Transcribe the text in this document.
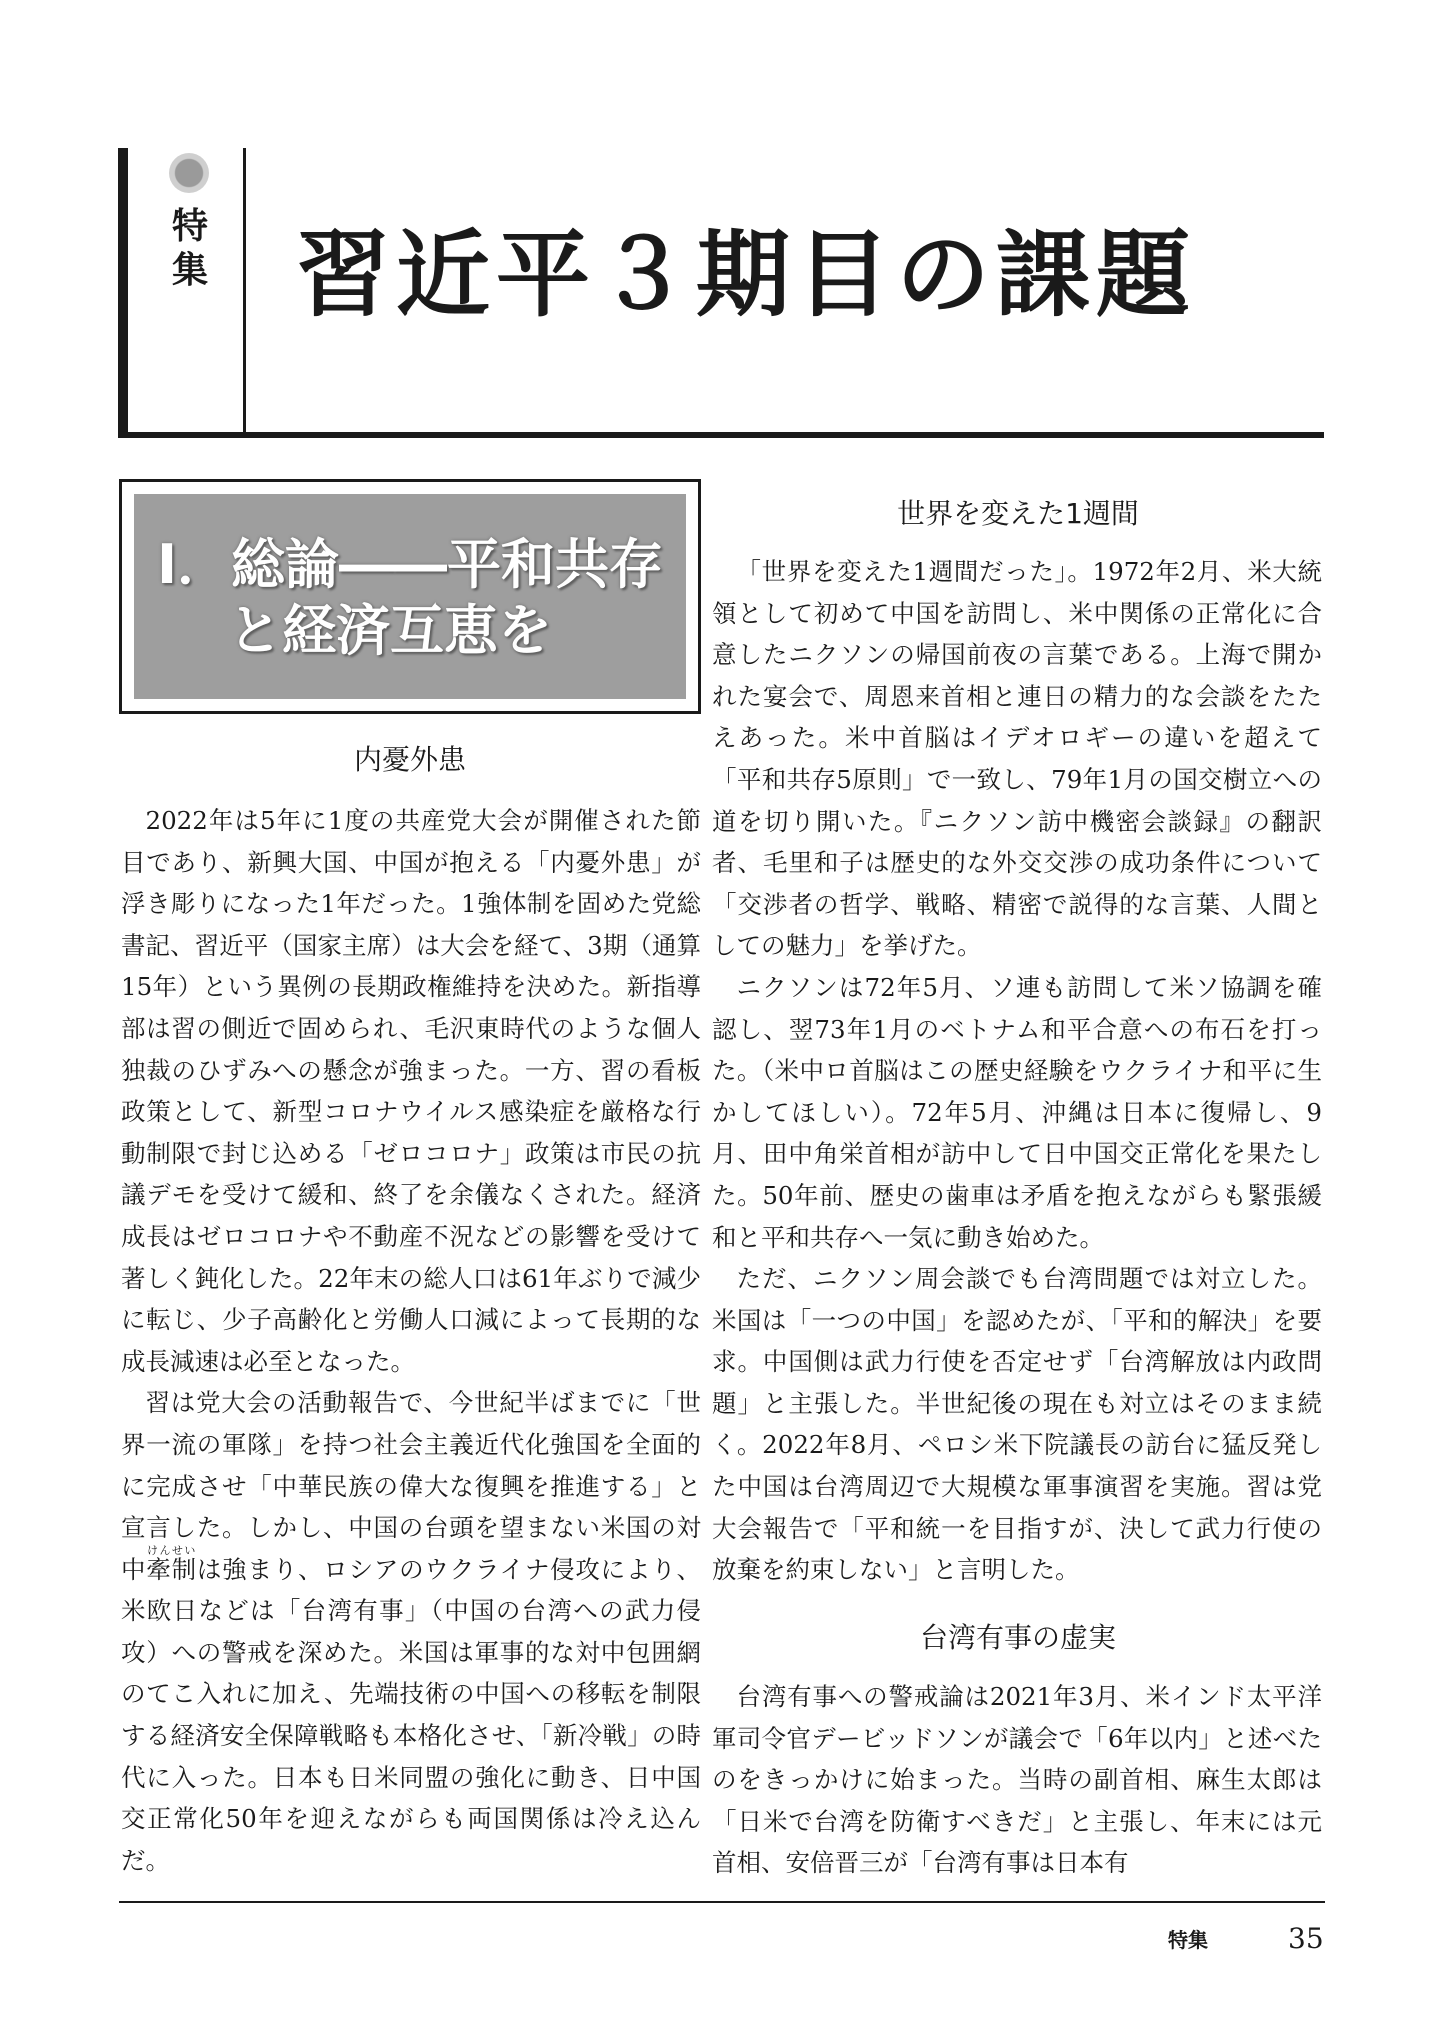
特集 習近平３期目の課題
Ⅰ．総論――平和共存
と経済互恵を
内憂外患

2022年は5年に1度の共産党大会が開催された節目であり、新興大国、中国が抱える「内憂外患」が浮き彫りになった1年だった。1強体制を固めた党総書記、習近平（国家主席）は大会を経て、3期（通算15年）という異例の長期政権維持を決めた。新指導部は習の側近で固められ、毛沢東時代のような個人独裁のひずみへの懸念が強まった。一方、習の看板政策として、新型コロナウイルス感染症を厳格な行動制限で封じ込める「ゼロコロナ」政策は市民の抗議デモを受けて緩和、終了を余儀なくされた。経済成長はゼロコロナや不動産不況などの影響を受けて著しく鈍化した。22年末の総人口は61年ぶりで減少に転じ、少子高齢化と労働人口減によって長期的な成長減速は必至となった。

習は党大会の活動報告で、今世紀半ばまでに「世界一流の軍隊」を持つ社会主義近代化強国を全面的に完成させ「中華民族の偉大な復興を推進する」と宣言した。しかし、中国の台頭を望まない米国の対中牽制けんせいは強まり、ロシアのウクライナ侵攻により、米欧日などは「台湾有事」（中国の台湾への武力侵攻）への警戒を深めた。米国は軍事的な対中包囲網のてこ入れに加え、先端技術の中国への移転を制限する経済安全保障戦略も本格化させ、「新冷戦」の時代に入った。日本も日米同盟の強化に動き、日中国交正常化50年を迎えながらも両国関係は冷え込んだ。

世界を変えた1週間

「世界を変えた1週間だった」。1972年2月、米大統領として初めて中国を訪問し、米中関係の正常化に合意したニクソンの帰国前夜の言葉である。上海で開かれた宴会で、周恩来首相と連日の精力的な会談をたたえあった。米中首脳はイデオロギーの違いを超えて「平和共存5原則」で一致し、79年1月の国交樹立への道を切り開いた。『ニクソン訪中機密会談録』の翻訳者、毛里和子は歴史的な外交交渉の成功条件について「交渉者の哲学、戦略、精密で説得的な言葉、人間としての魅力」を挙げた。

ニクソンは72年5月、ソ連も訪問して米ソ協調を確認し、翌73年1月のベトナム和平合意への布石を打った。（米中ロ首脳はこの歴史経験をウクライナ和平に生かしてほしい）。72年5月、沖縄は日本に復帰し、9月、田中角栄首相が訪中して日中国交正常化を果たした。50年前、歴史の歯車は矛盾を抱えながらも緊張緩和と平和共存へ一気に動き始めた。

ただ、ニクソン周会談でも台湾問題では対立した。米国は「一つの中国」を認めたが、「平和的解決」を要求。中国側は武力行使を否定せず「台湾解放は内政問題」と主張した。半世紀後の現在も対立はそのまま続く。2022年8月、ペロシ米下院議長の訪台に猛反発した中国は台湾周辺で大規模な軍事演習を実施。習は党大会報告で「平和統一を目指すが、決して武力行使の放棄を約束しない」と言明した。

台湾有事の虚実

台湾有事への警戒論は2021年3月、米インド太平洋軍司令官デービッドソンが議会で「6年以内」と述べたのをきっかけに始まった。当時の副首相、麻生太郎は「日米で台湾を防衛すべきだ」と主張し、年末には元首相、安倍晋三が「台湾有事は日本有

特集	35
